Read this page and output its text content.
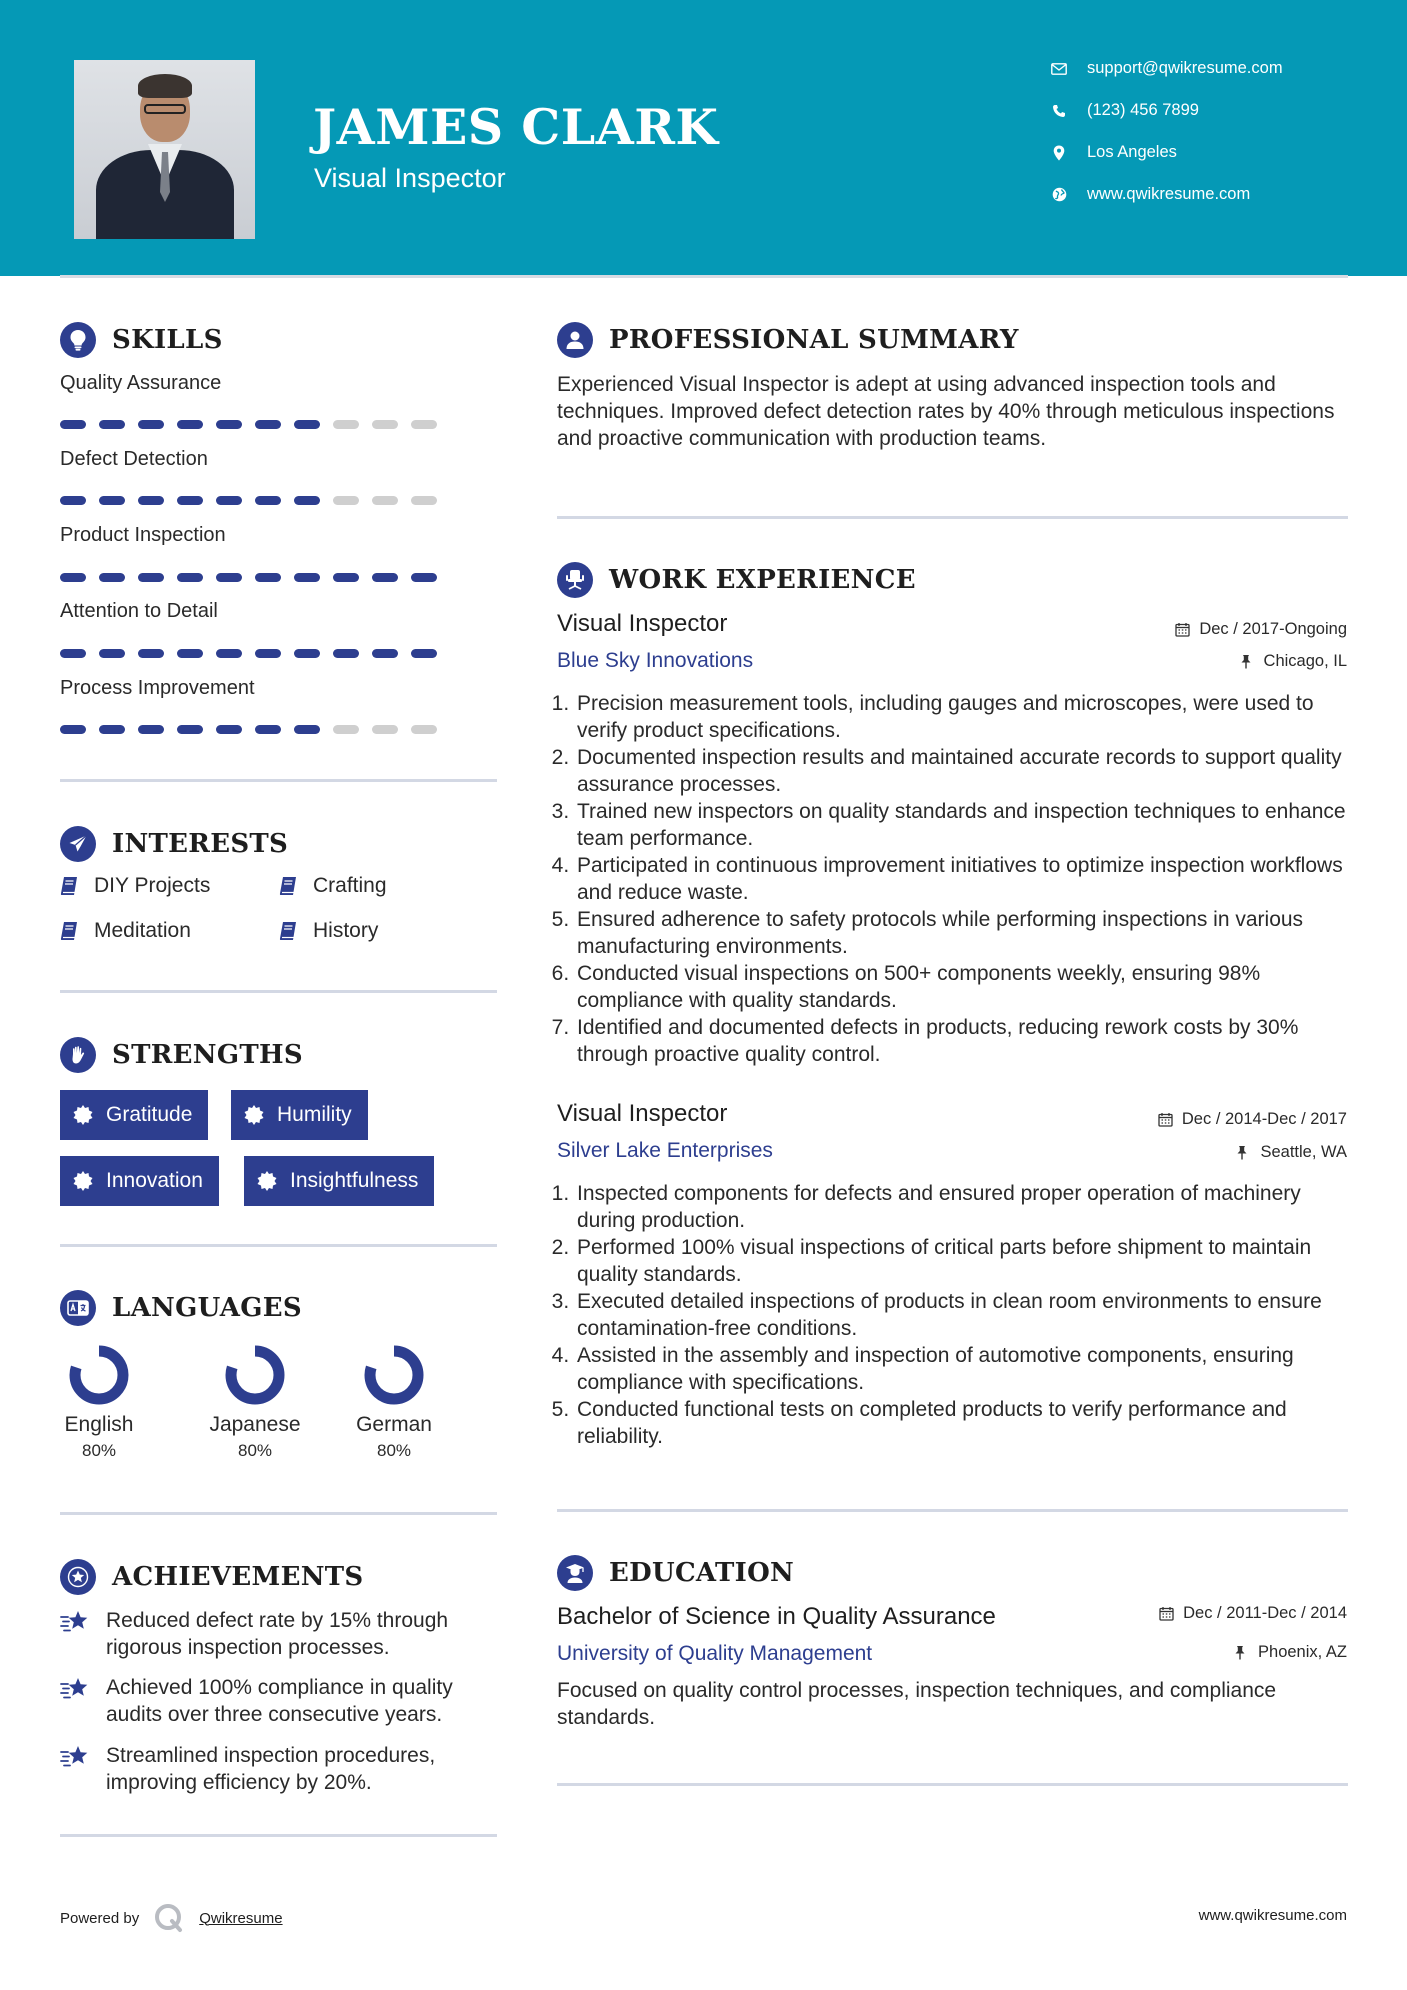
JAMES CLARK
Visual Inspector
support@qwikresume.com
(123) 456 7899
Los Angeles
www.qwikresume.com
SKILLS
Quality Assurance
Defect Detection
Product Inspection
Attention to Detail
Process Improvement
INTERESTS
DIY Projects	Crafting
Meditation	History
STRENGTHS
Gratitude	Humility
Innovation	Insightfulness
LANGUAGES
English
80%
Japanese
80%
German
80%
ACHIEVEMENTS

Reduced defect rate by 15% through rigorous inspection processes.

Achieved 100% compliance in quality audits over three consecutive years.

Streamlined inspection procedures, improving efficiency by 20%.

PROFESSIONAL SUMMARY

Experienced Visual Inspector is adept at using advanced inspection tools and techniques. Improved defect detection rates by 40% through meticulous inspections and proactive communication with production teams.

WORK EXPERIENCE
Visual Inspector	Dec / 2017-Ongoing
Blue Sky Innovations	Chicago, IL
1. Precision measurement tools, including gauges and microscopes, were used to verify product specifications.
2. Documented inspection results and maintained accurate records to support quality assurance processes.
3. Trained new inspectors on quality standards and inspection techniques to enhance team performance.
4. Participated in continuous improvement initiatives to optimize inspection workflows and reduce waste.
5. Ensured adherence to safety protocols while performing inspections in various manufacturing environments.
6. Conducted visual inspections on 500+ components weekly, ensuring 98% compliance with quality standards.
7. Identified and documented defects in products, reducing rework costs by 30% through proactive quality control.
Visual Inspector	Dec / 2014-Dec / 2017
Silver Lake Enterprises	Seattle, WA
1. Inspected components for defects and ensured proper operation of machinery during production.
2. Performed 100% visual inspections of critical parts before shipment to maintain quality standards.
3. Executed detailed inspections of products in clean room environments to ensure contamination-free conditions.
4. Assisted in the assembly and inspection of automotive components, ensuring compliance with specifications.
5. Conducted functional tests on completed products to verify performance and reliability.
EDUCATION
Bachelor of Science in Quality Assurance	Dec / 2011-Dec / 2014
University of Quality Management	Phoenix, AZ

Focused on quality control processes, inspection techniques, and compliance standards.

Powered by	Qwikresume	www.qwikresume.com
